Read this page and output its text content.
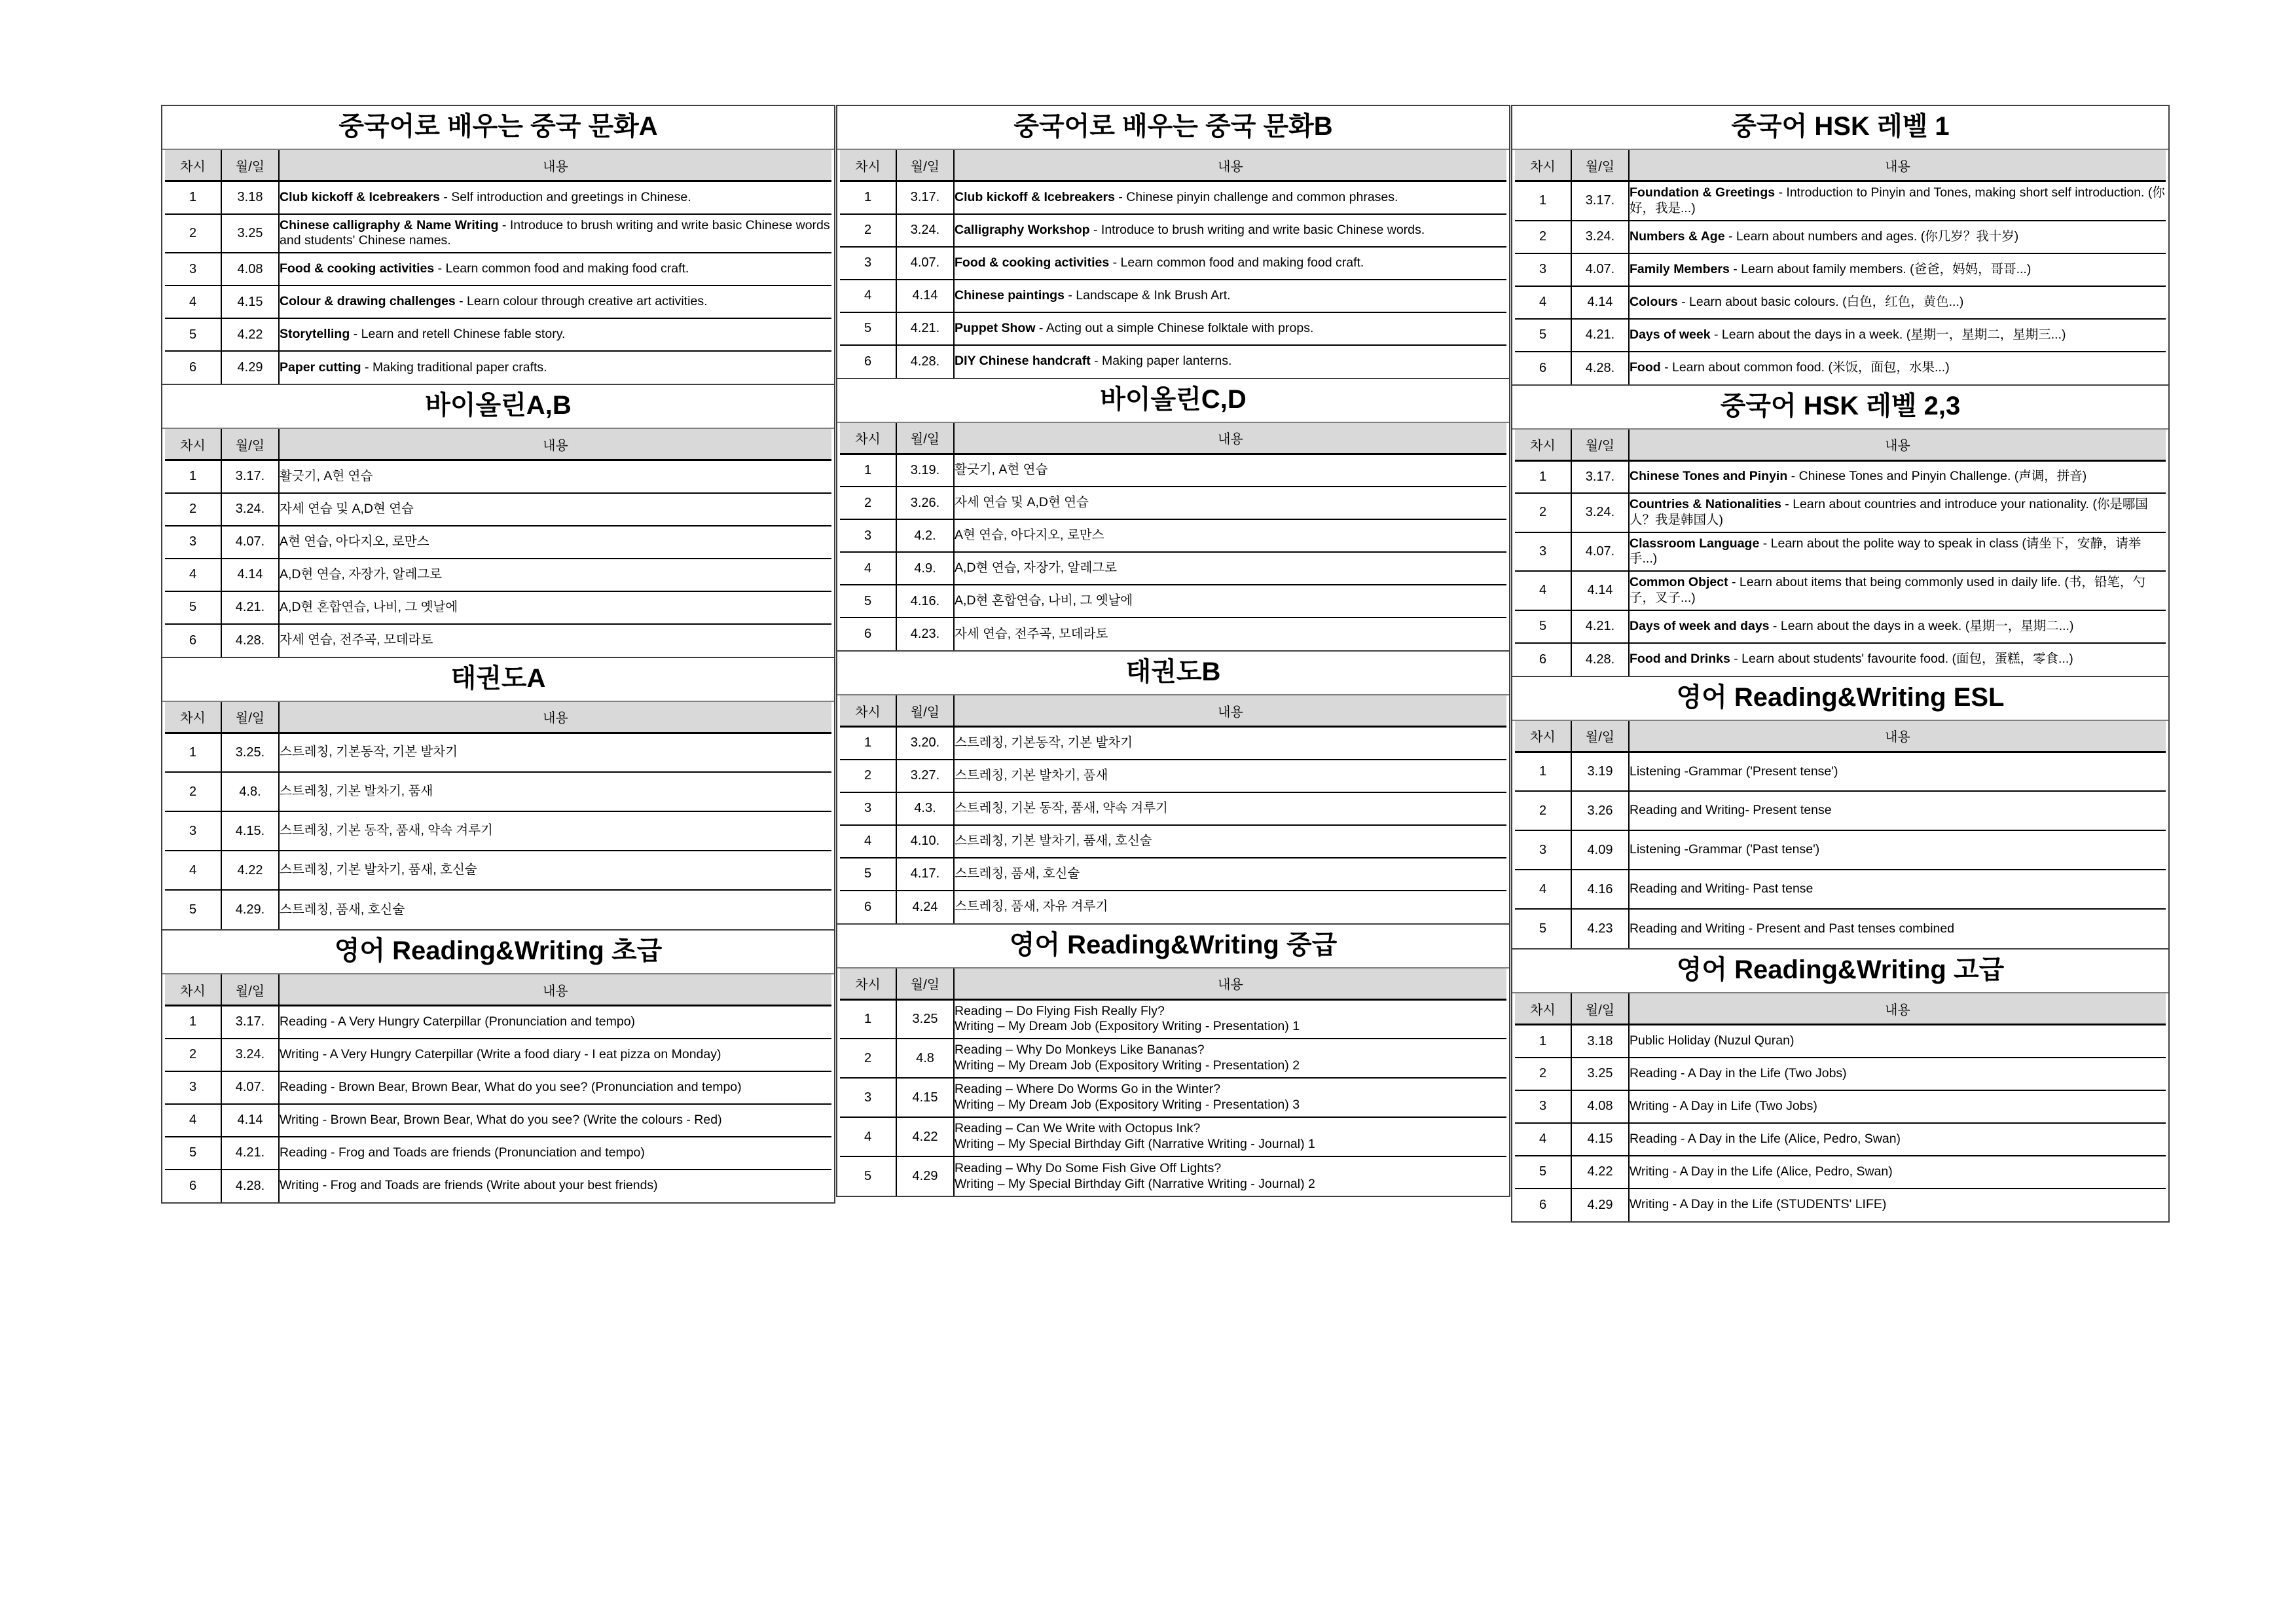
중국어로 배우는 중국 문화A
차시	월/일	내용
1	3.18	Club kickoff & Icebreakers - Self introduction and greetings in Chinese.
2	3.25	Chinese calligraphy & Name Writing - Introduce to brush writing and write basic Chinese words and students' Chinese names.
3	4.08	Food & cooking activities - Learn common food and making food craft.
4	4.15	Colour & drawing challenges - Learn colour through creative art activities.
5	4.22	Storytelling - Learn and retell Chinese fable story.
6	4.29	Paper cutting - Making traditional paper crafts.
바이올린A,B
차시	월/일	내용
1	3.17.	활긋기, A현 연습
2	3.24.	자세 연습 및 A,D현 연습
3	4.07.	A현 연습, 아다지오, 로만스
4	4.14	A,D현 연습, 자장가, 알레그로
5	4.21.	A,D현 혼합연습, 나비, 그 옛날에
6	4.28.	자세 연습, 전주곡, 모데라토
태권도A
차시	월/일	내용
1	3.25.	스트레칭, 기본동작, 기본 발차기
2	4.8.	스트레칭, 기본 발차기, 품새
3	4.15.	스트레칭, 기본 동작, 품새, 약속 겨루기
4	4.22	스트레칭, 기본 발차기, 품새, 호신술
5	4.29.	스트레칭, 품새, 호신술
영어 Reading&Writing 초급
차시	월/일	내용
1	3.17.	Reading - A Very Hungry Caterpillar (Pronunciation and tempo)
2	3.24.	Writing - A Very Hungry Caterpillar (Write a food diary - I eat pizza on Monday)
3	4.07.	Reading - Brown Bear, Brown Bear, What do you see? (Pronunciation and tempo)
4	4.14	Writing - Brown Bear, Brown Bear, What do you see? (Write the colours - Red)
5	4.21.	Reading - Frog and Toads are friends (Pronunciation and tempo)
6	4.28.	Writing - Frog and Toads are friends (Write about your best friends)
중국어로 배우는 중국 문화B
차시	월/일	내용
1	3.17.	Club kickoff & Icebreakers - Chinese pinyin challenge and common phrases.
2	3.24.	Calligraphy Workshop - Introduce to brush writing and write basic Chinese words.
3	4.07.	Food & cooking activities - Learn common food and making food craft.
4	4.14	Chinese paintings - Landscape & Ink Brush Art.
5	4.21.	Puppet Show - Acting out a simple Chinese folktale with props.
6	4.28.	DIY Chinese handcraft - Making paper lanterns.
바이올린C,D
차시	월/일	내용
1	3.19.	활긋기, A현 연습
2	3.26.	자세 연습 및 A,D현 연습
3	4.2.	A현 연습, 아다지오, 로만스
4	4.9.	A,D현 연습, 자장가, 알레그로
5	4.16.	A,D현 혼합연습, 나비, 그 옛날에
6	4.23.	자세 연습, 전주곡, 모데라토
태권도B
차시	월/일	내용
1	3.20.	스트레칭, 기본동작, 기본 발차기
2	3.27.	스트레칭, 기본 발차기, 품새
3	4.3.	스트레칭, 기본 동작, 품새, 약속 겨루기
4	4.10.	스트레칭, 기본 발차기, 품새, 호신술
5	4.17.	스트레칭, 품새, 호신술
6	4.24	스트레칭, 품새, 자유 겨루기
영어 Reading&Writing 중급
차시	월/일	내용
1	3.25	Reading – Do Flying Fish Really Fly?
Writing – My Dream Job (Expository Writing - Presentation) 1

2	4.8	Reading – Why Do Monkeys Like Bananas?
Writing – My Dream Job (Expository Writing - Presentation) 2

3	4.15	Reading – Where Do Worms Go in the Winter?
Writing – My Dream Job (Expository Writing - Presentation) 3

4	4.22	Reading – Can We Write with Octopus Ink?
Writing – My Special Birthday Gift (Narrative Writing - Journal) 1

5	4.29	Reading – Why Do Some Fish Give Off Lights?
Writing – My Special Birthday Gift (Narrative Writing - Journal) 2
중국어 HSK 레벨 1
차시	월/일	내용
1	3.17.	Foundation & Greetings - Introduction to Pinyin and Tones, making short self introduction. (你好，我是...)
2	3.24.	Numbers & Age - Learn about numbers and ages. (你几岁？我十岁)
3	4.07.	Family Members - Learn about family members. (爸爸，妈妈，哥哥...)
4	4.14	Colours - Learn about basic colours. (白色，红色，黄色...)
5	4.21.	Days of week - Learn about the days in a week. (星期一，星期二，星期三...)
6	4.28.	Food - Learn about common food. (米饭，面包，水果...)
중국어 HSK 레벨 2,3
차시	월/일	내용
1	3.17.	Chinese Tones and Pinyin - Chinese Tones and Pinyin Challenge. (声调，拼音)
2	3.24.	Countries & Nationalities - Learn about countries and introduce your nationality. (你是哪国人？我是韩国人)
3	4.07.	Classroom Language - Learn about the polite way to speak in class (请坐下，安静，请举手...)
4	4.14	Common Object - Learn about items that being commonly used in daily life. (书，铅笔，勺子，叉子...)
5	4.21.	Days of week and days - Learn about the days in a week. (星期一，星期二...)
6	4.28.	Food and Drinks - Learn about students' favourite food. (面包，蛋糕，零食...)
영어 Reading&Writing ESL
차시	월/일	내용
1	3.19	Listening -Grammar ('Present tense')
2	3.26	Reading and Writing- Present tense
3	4.09	Listening -Grammar ('Past tense')
4	4.16	Reading and Writing- Past tense
5	4.23	Reading and Writing - Present and Past tenses combined
영어 Reading&Writing 고급
차시	월/일	내용
1	3.18	Public Holiday (Nuzul Quran)
2	3.25	Reading - A Day in the Life (Two Jobs)
3	4.08	Writing - A Day in Life (Two Jobs)
4	4.15	Reading - A Day in the Life (Alice, Pedro, Swan)
5	4.22	Writing - A Day in the Life (Alice, Pedro, Swan)
6	4.29	Writing - A Day in the Life (STUDENTS' LIFE)
